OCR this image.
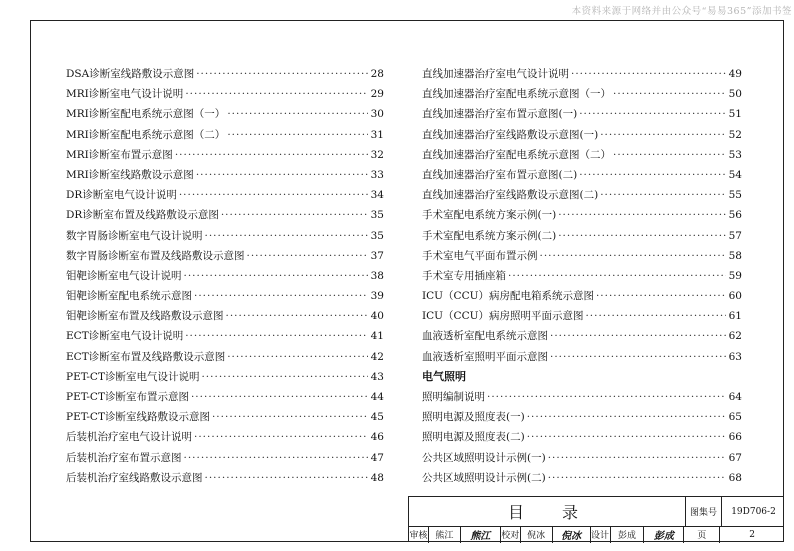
本资料来源于网络并由公众号“易易365”添加书签
DSA诊断室线路敷设示意图 ·····	28
MRI诊断室电气设计说明 ·····	29
MRI诊断室配电系统示意图（一） ·····	30
MRI诊断室配电系统示意图（二） ·····	31
MRI诊断室布置示意图 ·····	32
MRI诊断室线路敷设示意图 ·····	33
DR诊断室电气设计说明 ·····	34
DR诊断室布置及线路敷设示意图 ·····	35
数字胃肠诊断室电气设计说明 ·····	35
数字胃肠诊断室布置及线路敷设示意图 ·····	37
钼靶诊断室电气设计说明 ·····	38
钼靶诊断室配电系统示意图 ·····	39
钼靶诊断室布置及线路敷设示意图 ·····	40
ECT诊断室电气设计说明 ·····	41
ECT诊断室布置及线路敷设示意图 ·····	42
PET-CT诊断室电气设计说明 ·····	43
PET-CT诊断室布置示意图 ·····	44
PET-CT诊断室线路敷设示意图 ·····	45
后装机治疗室电气设计说明 ·····	46
后装机治疗室布置示意图 ·····	47
后装机治疗室线路敷设示意图 ·····	48
直线加速器治疗室电气设计说明 ·····	49
直线加速器治疗室配电系统示意图（一） ·····	50
直线加速器治疗室布置示意图(一) ·····	51
直线加速器治疗室线路敷设示意图(一) ·····	52
直线加速器治疗室配电系统示意图（二） ·····	53
直线加速器治疗室布置示意图(二) ·····	54
直线加速器治疗室线路敷设示意图(二) ·····	55
手术室配电系统方案示例(一) ·····	56
手术室配电系统方案示例(二) ·····	57
手术室电气平面布置示例 ·····	58
手术室专用插座箱 ·····	59
ICU（CCU）病房配电箱系统示意图 ·····	60
ICU（CCU）病房照明平面示意图 ·····	61
血液透析室配电系统示意图 ·····	62
血液透析室照明平面示意图 ·····	63
电气照明
照明编制说明 ·····	64
照明电源及照度表(一) ·····	65
照明电源及照度表(二) ·····	66
公共区域照明设计示例(一) ·····	67
公共区域照明设计示例(二) ·····	68
目录	图集号	19D706-2
审核 熊江	熊江	校对 倪冰	倪冰	设计 彭成	彭成	页	2
